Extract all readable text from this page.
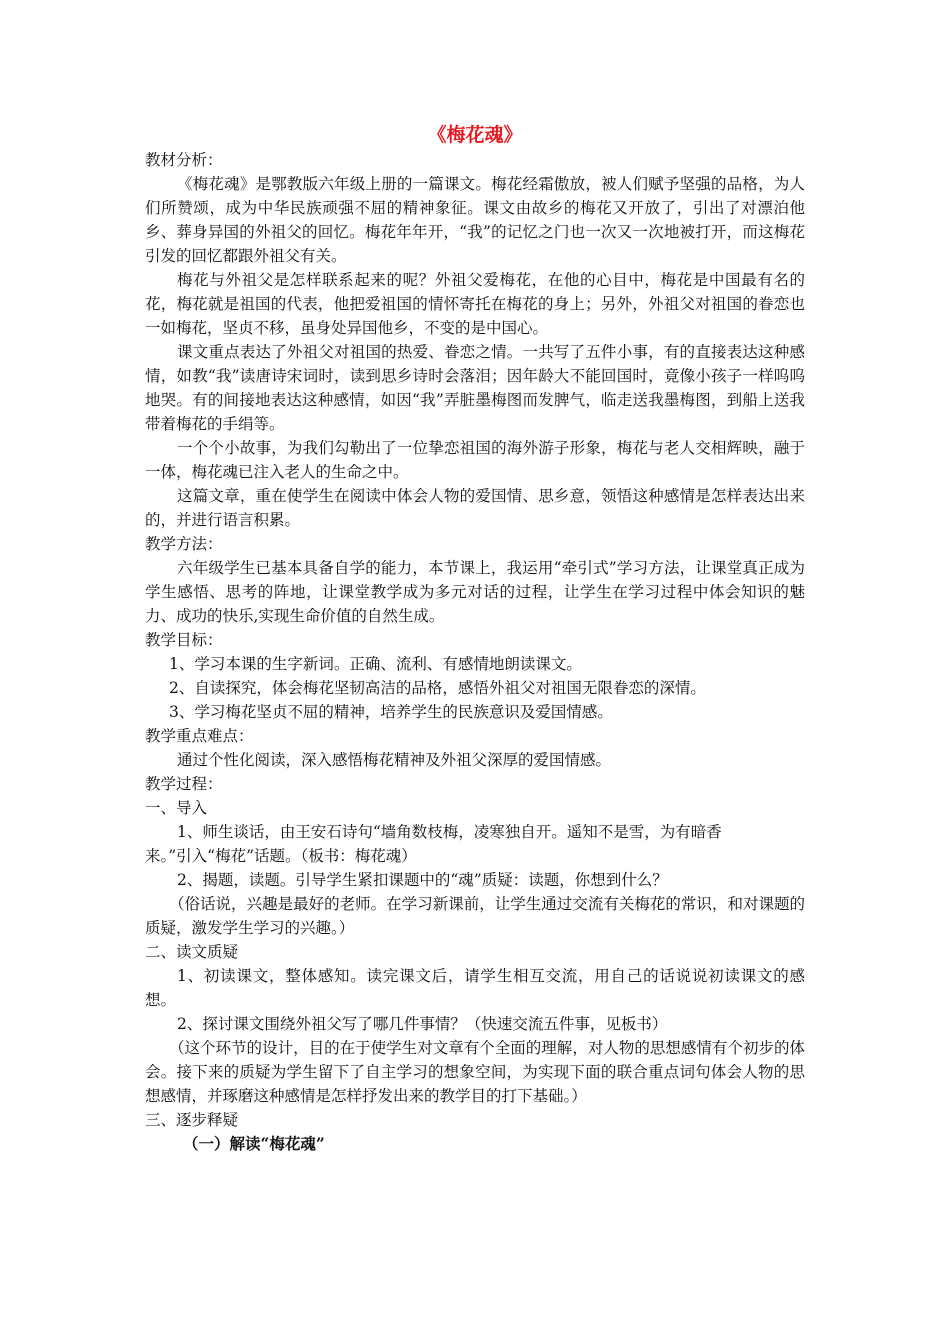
《梅花魂》

教材分析：

《梅花魂》是鄂教版六年级上册的一篇课文。梅花经霜傲放，被人们赋予坚强的品格，为人们所赞颂，成为中华民族顽强不屈的精神象征。课文由故乡的梅花又开放了，引出了对漂泊他乡、葬身异国的外祖父的回忆。梅花年年开，“我”的记忆之门也一次又一次地被打开，而这梅花引发的回忆都跟外祖父有关。

梅花与外祖父是怎样联系起来的呢？外祖父爱梅花，在他的心目中，梅花是中国最有名的花，梅花就是祖国的代表，他把爱祖国的情怀寄托在梅花的身上；另外，外祖父对祖国的眷恋也一如梅花，坚贞不移，虽身处异国他乡，不变的是中国心。

课文重点表达了外祖父对祖国的热爱、眷恋之情。一共写了五件小事，有的直接表达这种感情，如教“我”读唐诗宋词时，读到思乡诗时会落泪；因年龄大不能回国时，竟像小孩子一样呜呜地哭。有的间接地表达这种感情，如因“我”弄脏墨梅图而发脾气，临走送我墨梅图，到船上送我带着梅花的手绢等。

一个个小故事，为我们勾勒出了一位挚恋祖国的海外游子形象，梅花与老人交相辉映，融于一体，梅花魂已注入老人的生命之中。

这篇文章，重在使学生在阅读中体会人物的爱国情、思乡意，领悟这种感情是怎样表达出来的，并进行语言积累。

教学方法：

六年级学生已基本具备自学的能力，本节课上，我运用“牵引式”学习方法，让课堂真正成为学生感悟、思考的阵地，让课堂教学成为多元对话的过程，让学生在学习过程中体会知识的魅力、成功的快乐,实现生命价值的自然生成。

教学目标：

1、学习本课的生字新词。正确、流利、有感情地朗读课文。

2、自读探究，体会梅花坚韧高洁的品格，感悟外祖父对祖国无限眷恋的深情。

3、学习梅花坚贞不屈的精神，培养学生的民族意识及爱国情感。

教学重点难点：

通过个性化阅读，深入感悟梅花精神及外祖父深厚的爱国情感。

教学过程：

一、导入

1、师生谈话，由王安石诗句“墙角数枝梅，凌寒独自开。遥知不是雪，为有暗香

来。”引入“梅花”话题。（板书：梅花魂）

2、揭题，读题。引导学生紧扣课题中的“魂”质疑：读题，你想到什么？

（俗话说，兴趣是最好的老师。在学习新课前，让学生通过交流有关梅花的常识，和对课题的质疑，激发学生学习的兴趣。）

二、读文质疑

1、初读课文，整体感知。读完课文后，请学生相互交流，用自己的话说说初读课文的感想。

2、探讨课文围绕外祖父写了哪几件事情？（快速交流五件事，见板书）

（这个环节的设计，目的在于使学生对文章有个全面的理解，对人物的思想感情有个初步的体会。接下来的质疑为学生留下了自主学习的想象空间，为实现下面的联合重点词句体会人物的思想感情，并琢磨这种感情是怎样抒发出来的教学目的打下基础。）

三、逐步释疑

（一）解读“梅花魂”
